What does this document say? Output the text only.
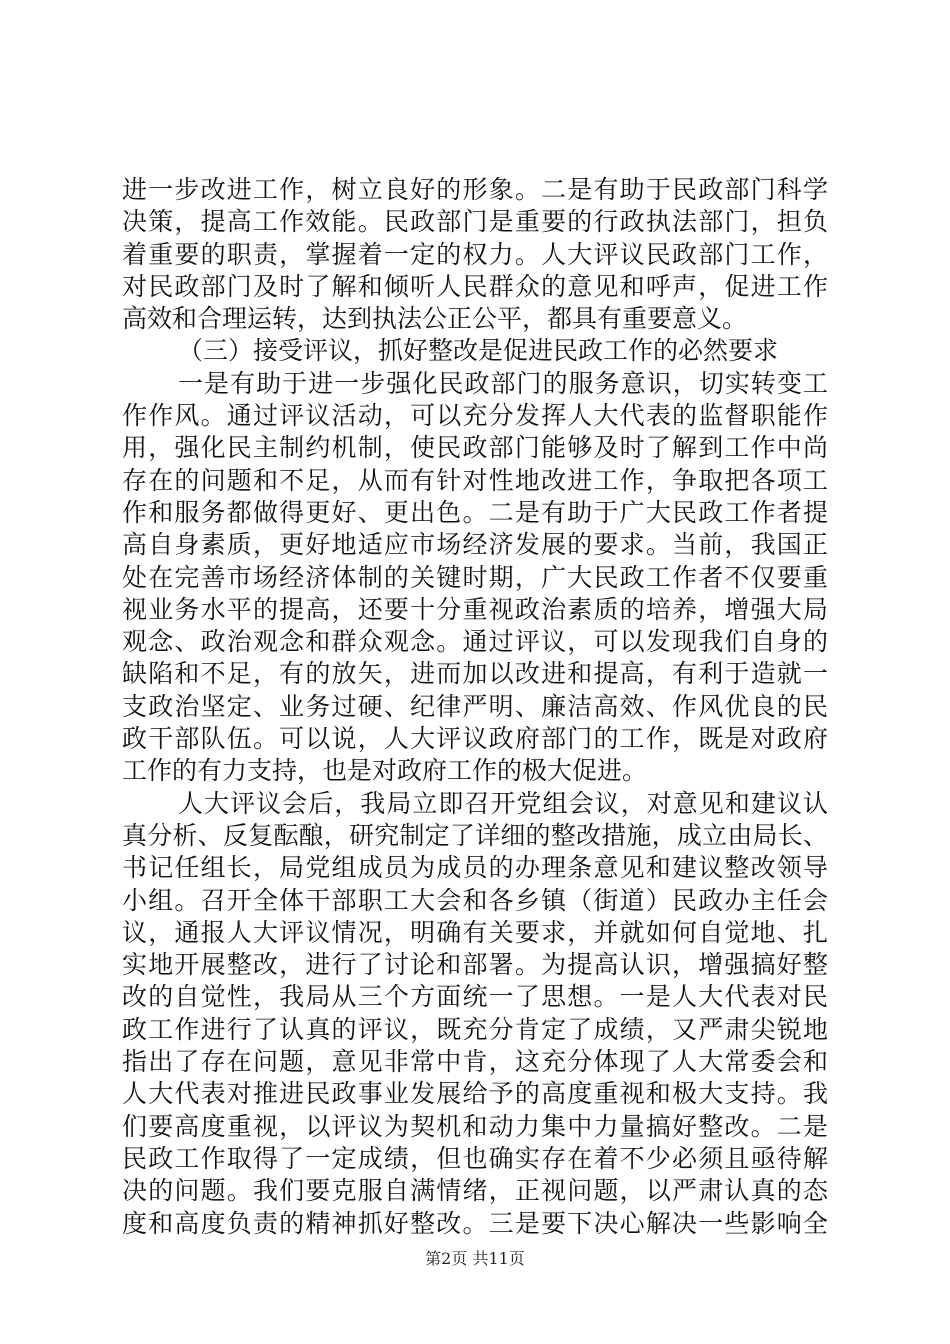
进一步改进工作，树立良好的形象。二是有助于民政部门科学
决策，提高工作效能。民政部门是重要的行政执法部门，担负
着重要的职责，掌握着一定的权力。人大评议民政部门工作，
对民政部门及时了解和倾听人民群众的意见和呼声，促进工作
高效和合理运转，达到执法公正公平，都具有重要意义。
（三）接受评议，抓好整改是促进民政工作的必然要求
一是有助于进一步强化民政部门的服务意识，切实转变工
作作风。通过评议活动，可以充分发挥人大代表的监督职能作
用，强化民主制约机制，使民政部门能够及时了解到工作中尚
存在的问题和不足，从而有针对性地改进工作，争取把各项工
作和服务都做得更好、更出色。二是有助于广大民政工作者提
高自身素质，更好地适应市场经济发展的要求。当前，我国正
处在完善市场经济体制的关键时期，广大民政工作者不仅要重
视业务水平的提高，还要十分重视政治素质的培养，增强大局
观念、政治观念和群众观念。通过评议，可以发现我们自身的
缺陷和不足，有的放矢，进而加以改进和提高，有利于造就一
支政治坚定、业务过硬、纪律严明、廉洁高效、作风优良的民
政干部队伍。可以说，人大评议政府部门的工作，既是对政府
工作的有力支持，也是对政府工作的极大促进。
人大评议会后，我局立即召开党组会议，对意见和建议认
真分析、反复酝酿，研究制定了详细的整改措施，成立由局长、
书记任组长，局党组成员为成员的办理条意见和建议整改领导
小组。召开全体干部职工大会和各乡镇（街道）民政办主任会
议，通报人大评议情况，明确有关要求，并就如何自觉地、扎
实地开展整改，进行了讨论和部署。为提高认识，增强搞好整
改的自觉性，我局从三个方面统一了思想。一是人大代表对民
政工作进行了认真的评议，既充分肯定了成绩，又严肃尖锐地
指出了存在问题，意见非常中肯，这充分体现了人大常委会和
人大代表对推进民政事业发展给予的高度重视和极大支持。我
们要高度重视，以评议为契机和动力集中力量搞好整改。二是
民政工作取得了一定成绩，但也确实存在着不少必须且亟待解
决的问题。我们要克服自满情绪，正视问题，以严肃认真的态
度和高度负责的精神抓好整改。三是要下决心解决一些影响全
第2页 共11页
